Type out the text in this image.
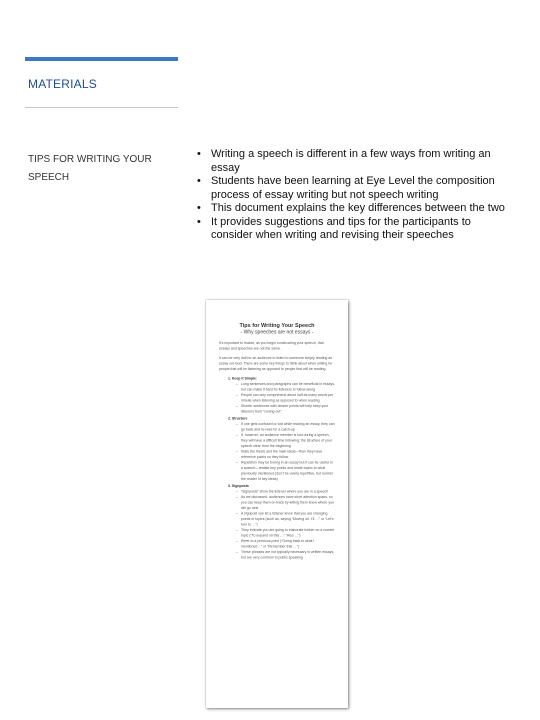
MATERIALS
TIPS FOR WRITING YOUR SPEECH
• Writing a speech is different in a few ways from writing an essay
• Students have been learning at Eye Level the composition process of essay writing but not speech writing
• This document explains the key differences between the two
• It provides suggestions and tips for the participants to consider when writing and revising their speeches
Tips for Writing Your Speech
- Why speeches are not essays -

It’s important to realize, as you begin constructing your speech, that essays and speeches are not the same.

It can be very dull for an audience to listen to someone simply reading an essay out loud. There are some key things to think about when writing for people that will be listening as opposed to people that will be reading.

1. Keep it Simple:
– Long sentences and paragraphs can be beneficial in essays, but can make it hard for listeners to follow along
– People can only comprehend about half as many words per minute when listening as opposed to when reading
– Shorter sentences with clearer points will help keep your listeners from “zoning out”
2. Structure
– If one gets confused or lost while reading an essay, they can go back and re-read for a catch-up
– If, however, an audience member is lost during a speech, they will have a difficult time following; the structure of your speech clear from the beginning
– State the thesis and the main ideas—then they have reference points so they follow
– Repetition may be boring in an essay but it can be useful in a speech—restate key points and relate topics to what previously mentioned (don’t be overly repetitive, but remind the reader of key ideas)
3. Signposts
– “Signposts” show the listener where you are in a speech
– As we discussed, audiences have short attention spans, so you can keep them on track by letting them know where you will go next
– A signpost can let a listener know that you are changing points or topics (such as, saying “Moving on, I’ll …” or “Let’s turn to …”)
– They indicate you are going to elaborate further on a current topic (“To expand on this …” “Also …”)
– Refer to a previous point (“Going back to what I mentioned…” or “Remember that …”)
– These phrases are not typically necessary in written essays, but are very common in public speaking
